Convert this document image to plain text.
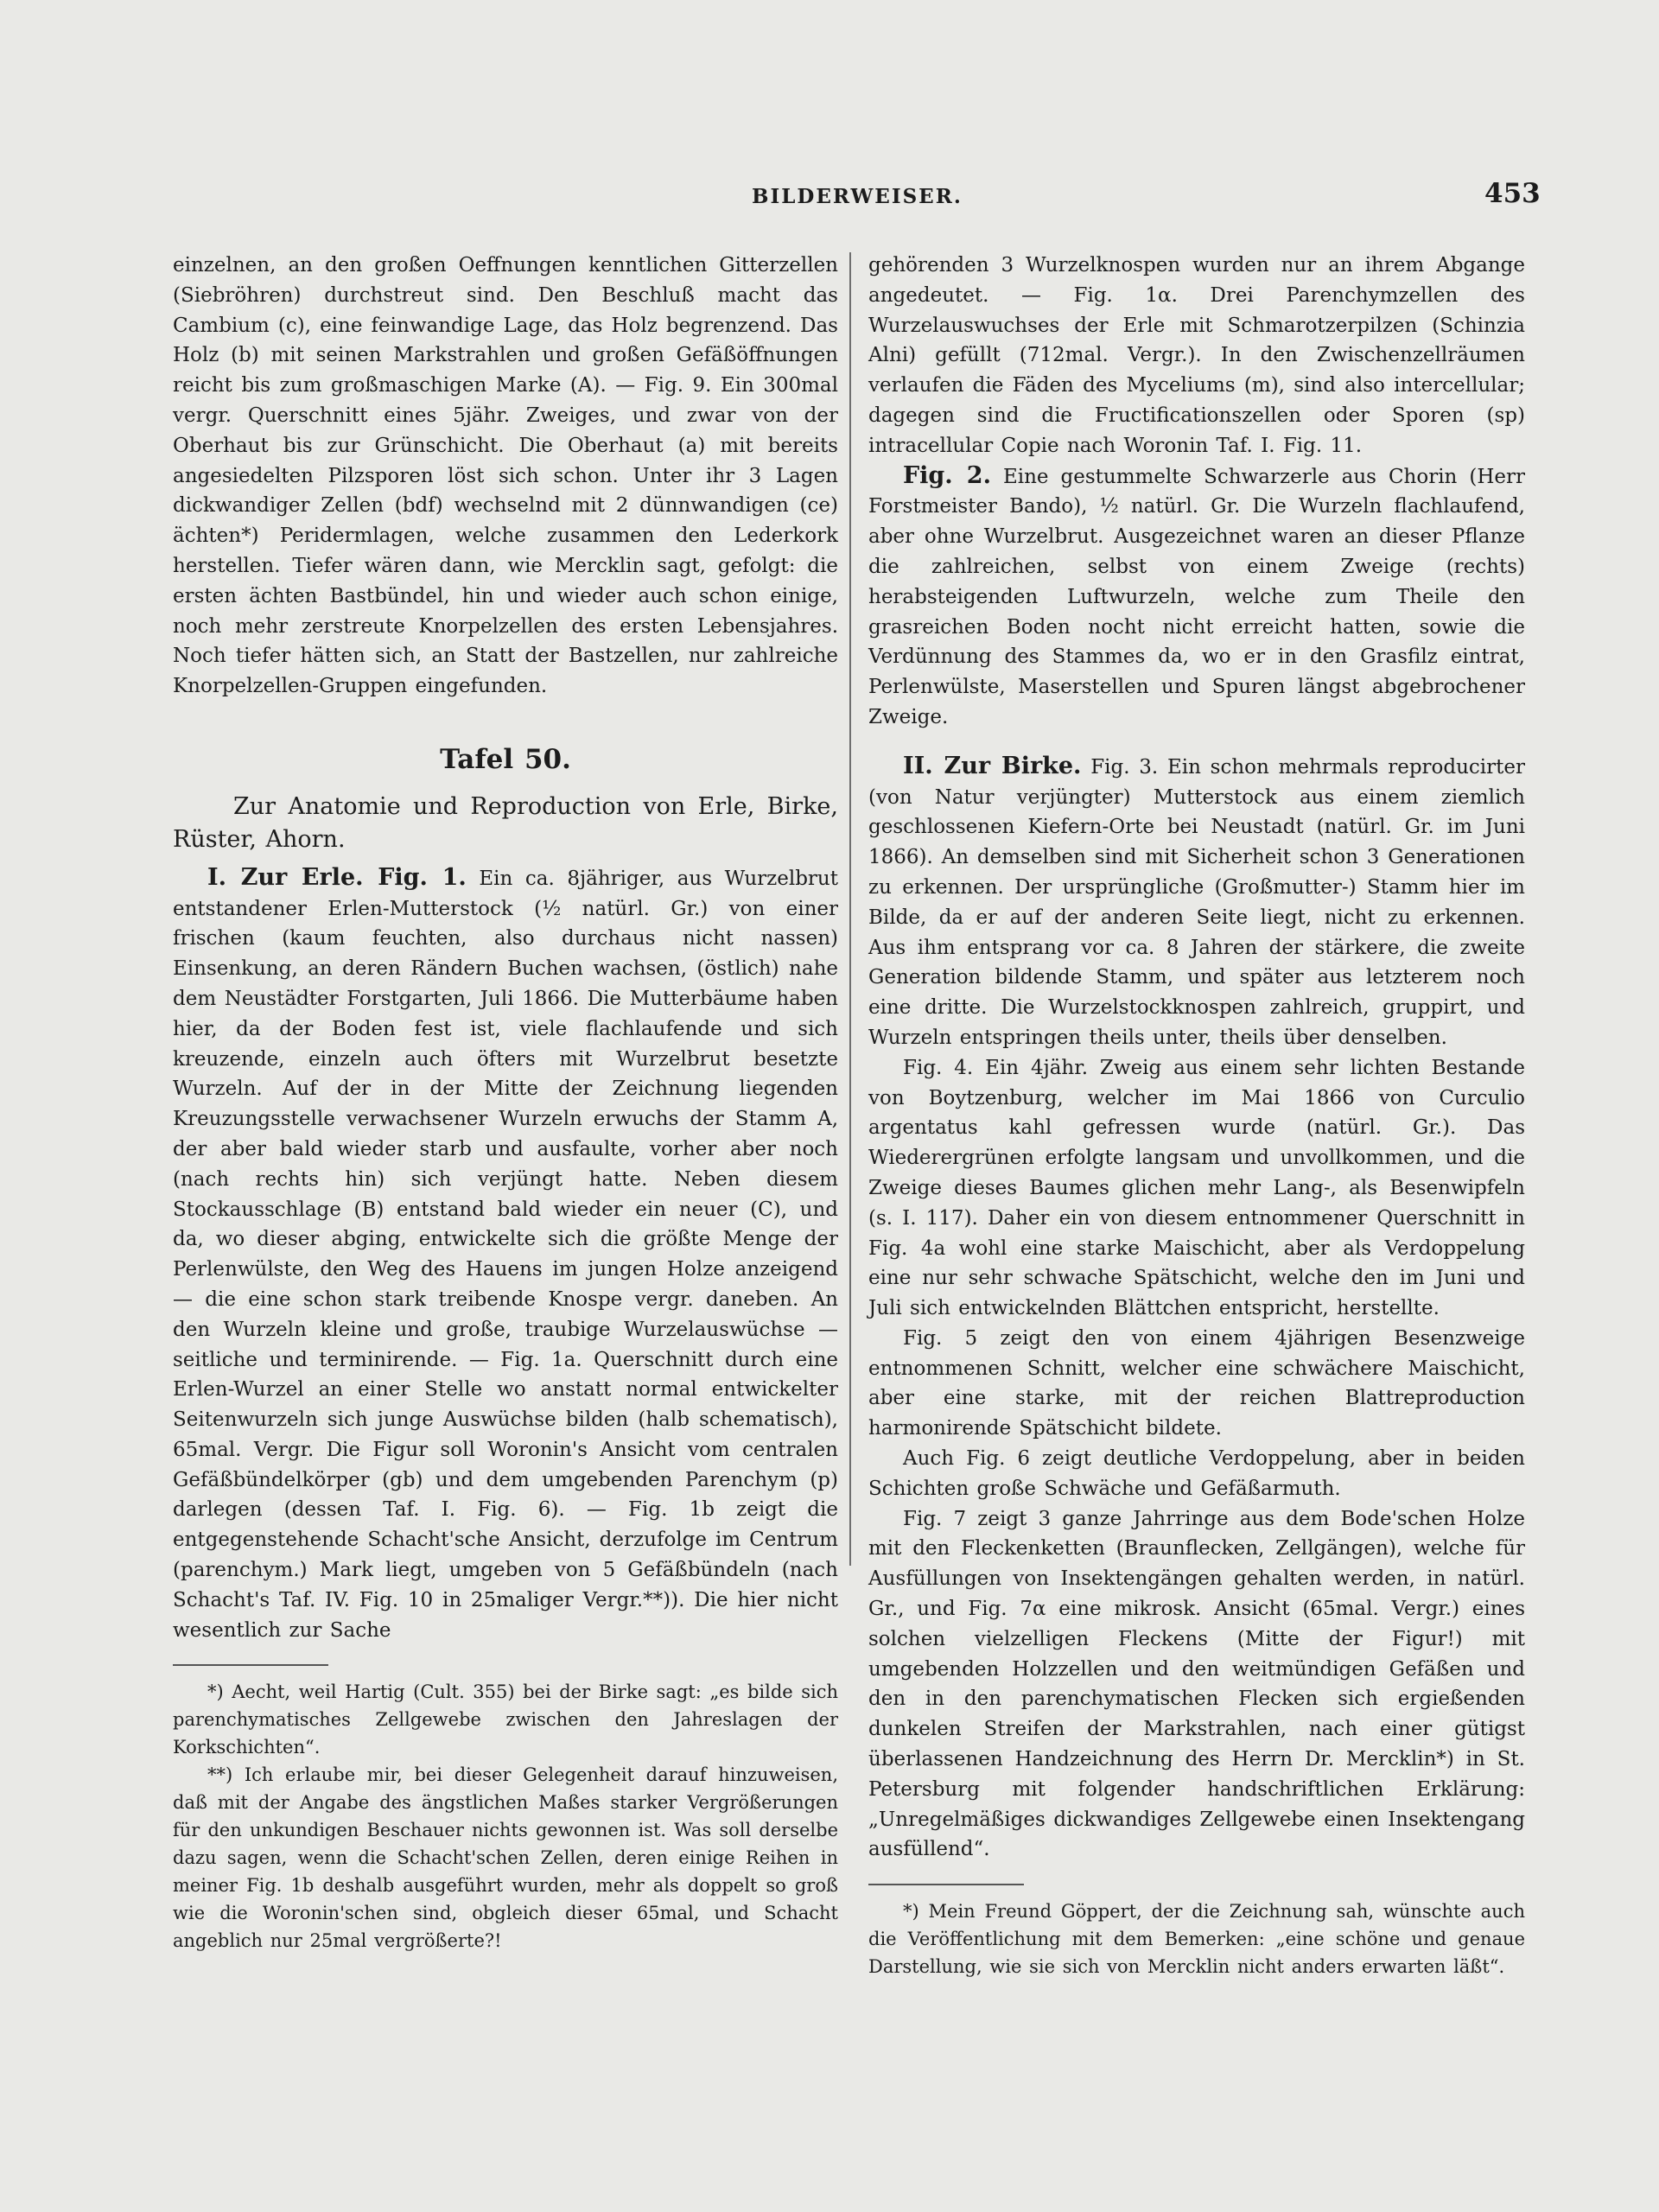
BILDERWEISER.	453

einzelnen, an den großen Oeffnungen kenntlichen Gitterzellen (Siebröhren) durchstreut sind. Den Beschluß macht das Cambium (c), eine feinwandige Lage, das Holz begrenzend. Das Holz (b) mit seinen Markstrahlen und großen Gefäßöffnungen reicht bis zum großmaschigen Marke (A). — Fig. 9. Ein 300mal vergr. Querschnitt eines 5jähr. Zweiges, und zwar von der Oberhaut bis zur Grünschicht. Die Oberhaut (a) mit bereits angesiedelten Pilzsporen löst sich schon. Unter ihr 3 Lagen dickwandiger Zellen (bdf) wechselnd mit 2 dünnwandigen (ce) ächten*) Peridermlagen, welche zusammen den Lederkork herstellen. Tiefer wären dann, wie Mercklin sagt, gefolgt: die ersten ächten Bastbündel, hin und wieder auch schon einige, noch mehr zerstreute Knorpelzellen des ersten Lebensjahres. Noch tiefer hätten sich, an Statt der Bastzellen, nur zahlreiche Knorpelzellen-Gruppen eingefunden.

Tafel 50.

Zur Anatomie und Reproduction von Erle, Birke, Rüster, Ahorn.

I. Zur Erle. Fig. 1. Ein ca. 8jähriger, aus Wurzelbrut entstandener Erlen-Mutterstock (½ natürl. Gr.) von einer frischen (kaum feuchten, also durchaus nicht nassen) Einsenkung, an deren Rändern Buchen wachsen, (östlich) nahe dem Neustädter Forstgarten, Juli 1866. Die Mutterbäume haben hier, da der Boden fest ist, viele flachlaufende und sich kreuzende, einzeln auch öfters mit Wurzelbrut besetzte Wurzeln. Auf der in der Mitte der Zeichnung liegenden Kreuzungsstelle verwachsener Wurzeln erwuchs der Stamm A, der aber bald wieder starb und ausfaulte, vorher aber noch (nach rechts hin) sich verjüngt hatte. Neben diesem Stockausschlage (B) entstand bald wieder ein neuer (C), und da, wo dieser abging, entwickelte sich die größte Menge der Perlenwülste, den Weg des Hauens im jungen Holze anzeigend — die eine schon stark treibende Knospe vergr. daneben. An den Wurzeln kleine und große, traubige Wurzelauswüchse — seitliche und terminirende. — Fig. 1a. Querschnitt durch eine Erlen-Wurzel an einer Stelle wo anstatt normal entwickelter Seitenwurzeln sich junge Auswüchse bilden (halb schematisch), 65mal. Vergr. Die Figur soll Woronin's Ansicht vom centralen Gefäßbündelkörper (gb) und dem umgebenden Parenchym (p) darlegen (dessen Taf. I. Fig. 6). — Fig. 1b zeigt die entgegenstehende Schacht'sche Ansicht, derzufolge im Centrum (parenchym.) Mark liegt, umgeben von 5 Gefäßbündeln (nach Schacht's Taf. IV. Fig. 10 in 25maliger Vergr.**)). Die hier nicht wesentlich zur Sache

*) Aecht, weil Hartig (Cult. 355) bei der Birke sagt: „es bilde sich parenchymatisches Zellgewebe zwischen den Jahreslagen der Korkschichten“.

**) Ich erlaube mir, bei dieser Gelegenheit darauf hinzuweisen, daß mit der Angabe des ängstlichen Maßes starker Vergrößerungen für den unkundigen Beschauer nichts gewonnen ist. Was soll derselbe dazu sagen, wenn die Schacht'schen Zellen, deren einige Reihen in meiner Fig. 1b deshalb ausgeführt wurden, mehr als doppelt so groß wie die Woronin'schen sind, obgleich dieser 65mal, und Schacht angeblich nur 25mal vergrößerte?!

gehörenden 3 Wurzelknospen wurden nur an ihrem Abgange angedeutet. — Fig. 1α. Drei Parenchymzellen des Wurzelauswuchses der Erle mit Schmarotzerpilzen (Schinzia Alni) gefüllt (712mal. Vergr.). In den Zwischenzellräumen verlaufen die Fäden des Myceliums (m), sind also intercellular; dagegen sind die Fructificationszellen oder Sporen (sp) intracellular Copie nach Woronin Taf. I. Fig. 11.

Fig. 2. Eine gestummelte Schwarzerle aus Chorin (Herr Forstmeister Bando), ½ natürl. Gr. Die Wurzeln flachlaufend, aber ohne Wurzelbrut. Ausgezeichnet waren an dieser Pflanze die zahlreichen, selbst von einem Zweige (rechts) herabsteigenden Luftwurzeln, welche zum Theile den grasreichen Boden nocht nicht erreicht hatten, sowie die Verdünnung des Stammes da, wo er in den Grasfilz eintrat, Perlenwülste, Maserstellen und Spuren längst abgebrochener Zweige.

II. Zur Birke. Fig. 3. Ein schon mehrmals reproducirter (von Natur verjüngter) Mutterstock aus einem ziemlich geschlossenen Kiefern-Orte bei Neustadt (natürl. Gr. im Juni 1866). An demselben sind mit Sicherheit schon 3 Generationen zu erkennen. Der ursprüngliche (Großmutter-) Stamm hier im Bilde, da er auf der anderen Seite liegt, nicht zu erkennen. Aus ihm entsprang vor ca. 8 Jahren der stärkere, die zweite Generation bildende Stamm, und später aus letzterem noch eine dritte. Die Wurzelstockknospen zahlreich, gruppirt, und Wurzeln entspringen theils unter, theils über denselben.

Fig. 4. Ein 4jähr. Zweig aus einem sehr lichten Bestande von Boytzenburg, welcher im Mai 1866 von Curculio argentatus kahl gefressen wurde (natürl. Gr.). Das Wiederergrünen erfolgte langsam und unvollkommen, und die Zweige dieses Baumes glichen mehr Lang-, als Besenwipfeln (s. I. 117). Daher ein von diesem entnommener Querschnitt in Fig. 4a wohl eine starke Maischicht, aber als Verdoppelung eine nur sehr schwache Spätschicht, welche den im Juni und Juli sich entwickelnden Blättchen entspricht, herstellte.

Fig. 5 zeigt den von einem 4jährigen Besenzweige entnommenen Schnitt, welcher eine schwächere Maischicht, aber eine starke, mit der reichen Blattreproduction harmonirende Spätschicht bildete.

Auch Fig. 6 zeigt deutliche Verdoppelung, aber in beiden Schichten große Schwäche und Gefäßarmuth.

Fig. 7 zeigt 3 ganze Jahrringe aus dem Bode'schen Holze mit den Fleckenketten (Braunflecken, Zellgängen), welche für Ausfüllungen von Insektengängen gehalten werden, in natürl. Gr., und Fig. 7α eine mikrosk. Ansicht (65mal. Vergr.) eines solchen vielzelligen Fleckens (Mitte der Figur!) mit umgebenden Holzzellen und den weitmündigen Gefäßen und den in den parenchymatischen Flecken sich ergießenden dunkelen Streifen der Markstrahlen, nach einer gütigst überlassenen Handzeichnung des Herrn Dr. Mercklin*) in St. Petersburg mit folgender handschriftlichen Erklärung: „Unregelmäßiges dickwandiges Zellgewebe einen Insektengang ausfüllend“.

*) Mein Freund Göppert, der die Zeichnung sah, wünschte auch die Veröffentlichung mit dem Bemerken: „eine schöne und genaue Darstellung, wie sie sich von Mercklin nicht anders erwarten läßt“.
